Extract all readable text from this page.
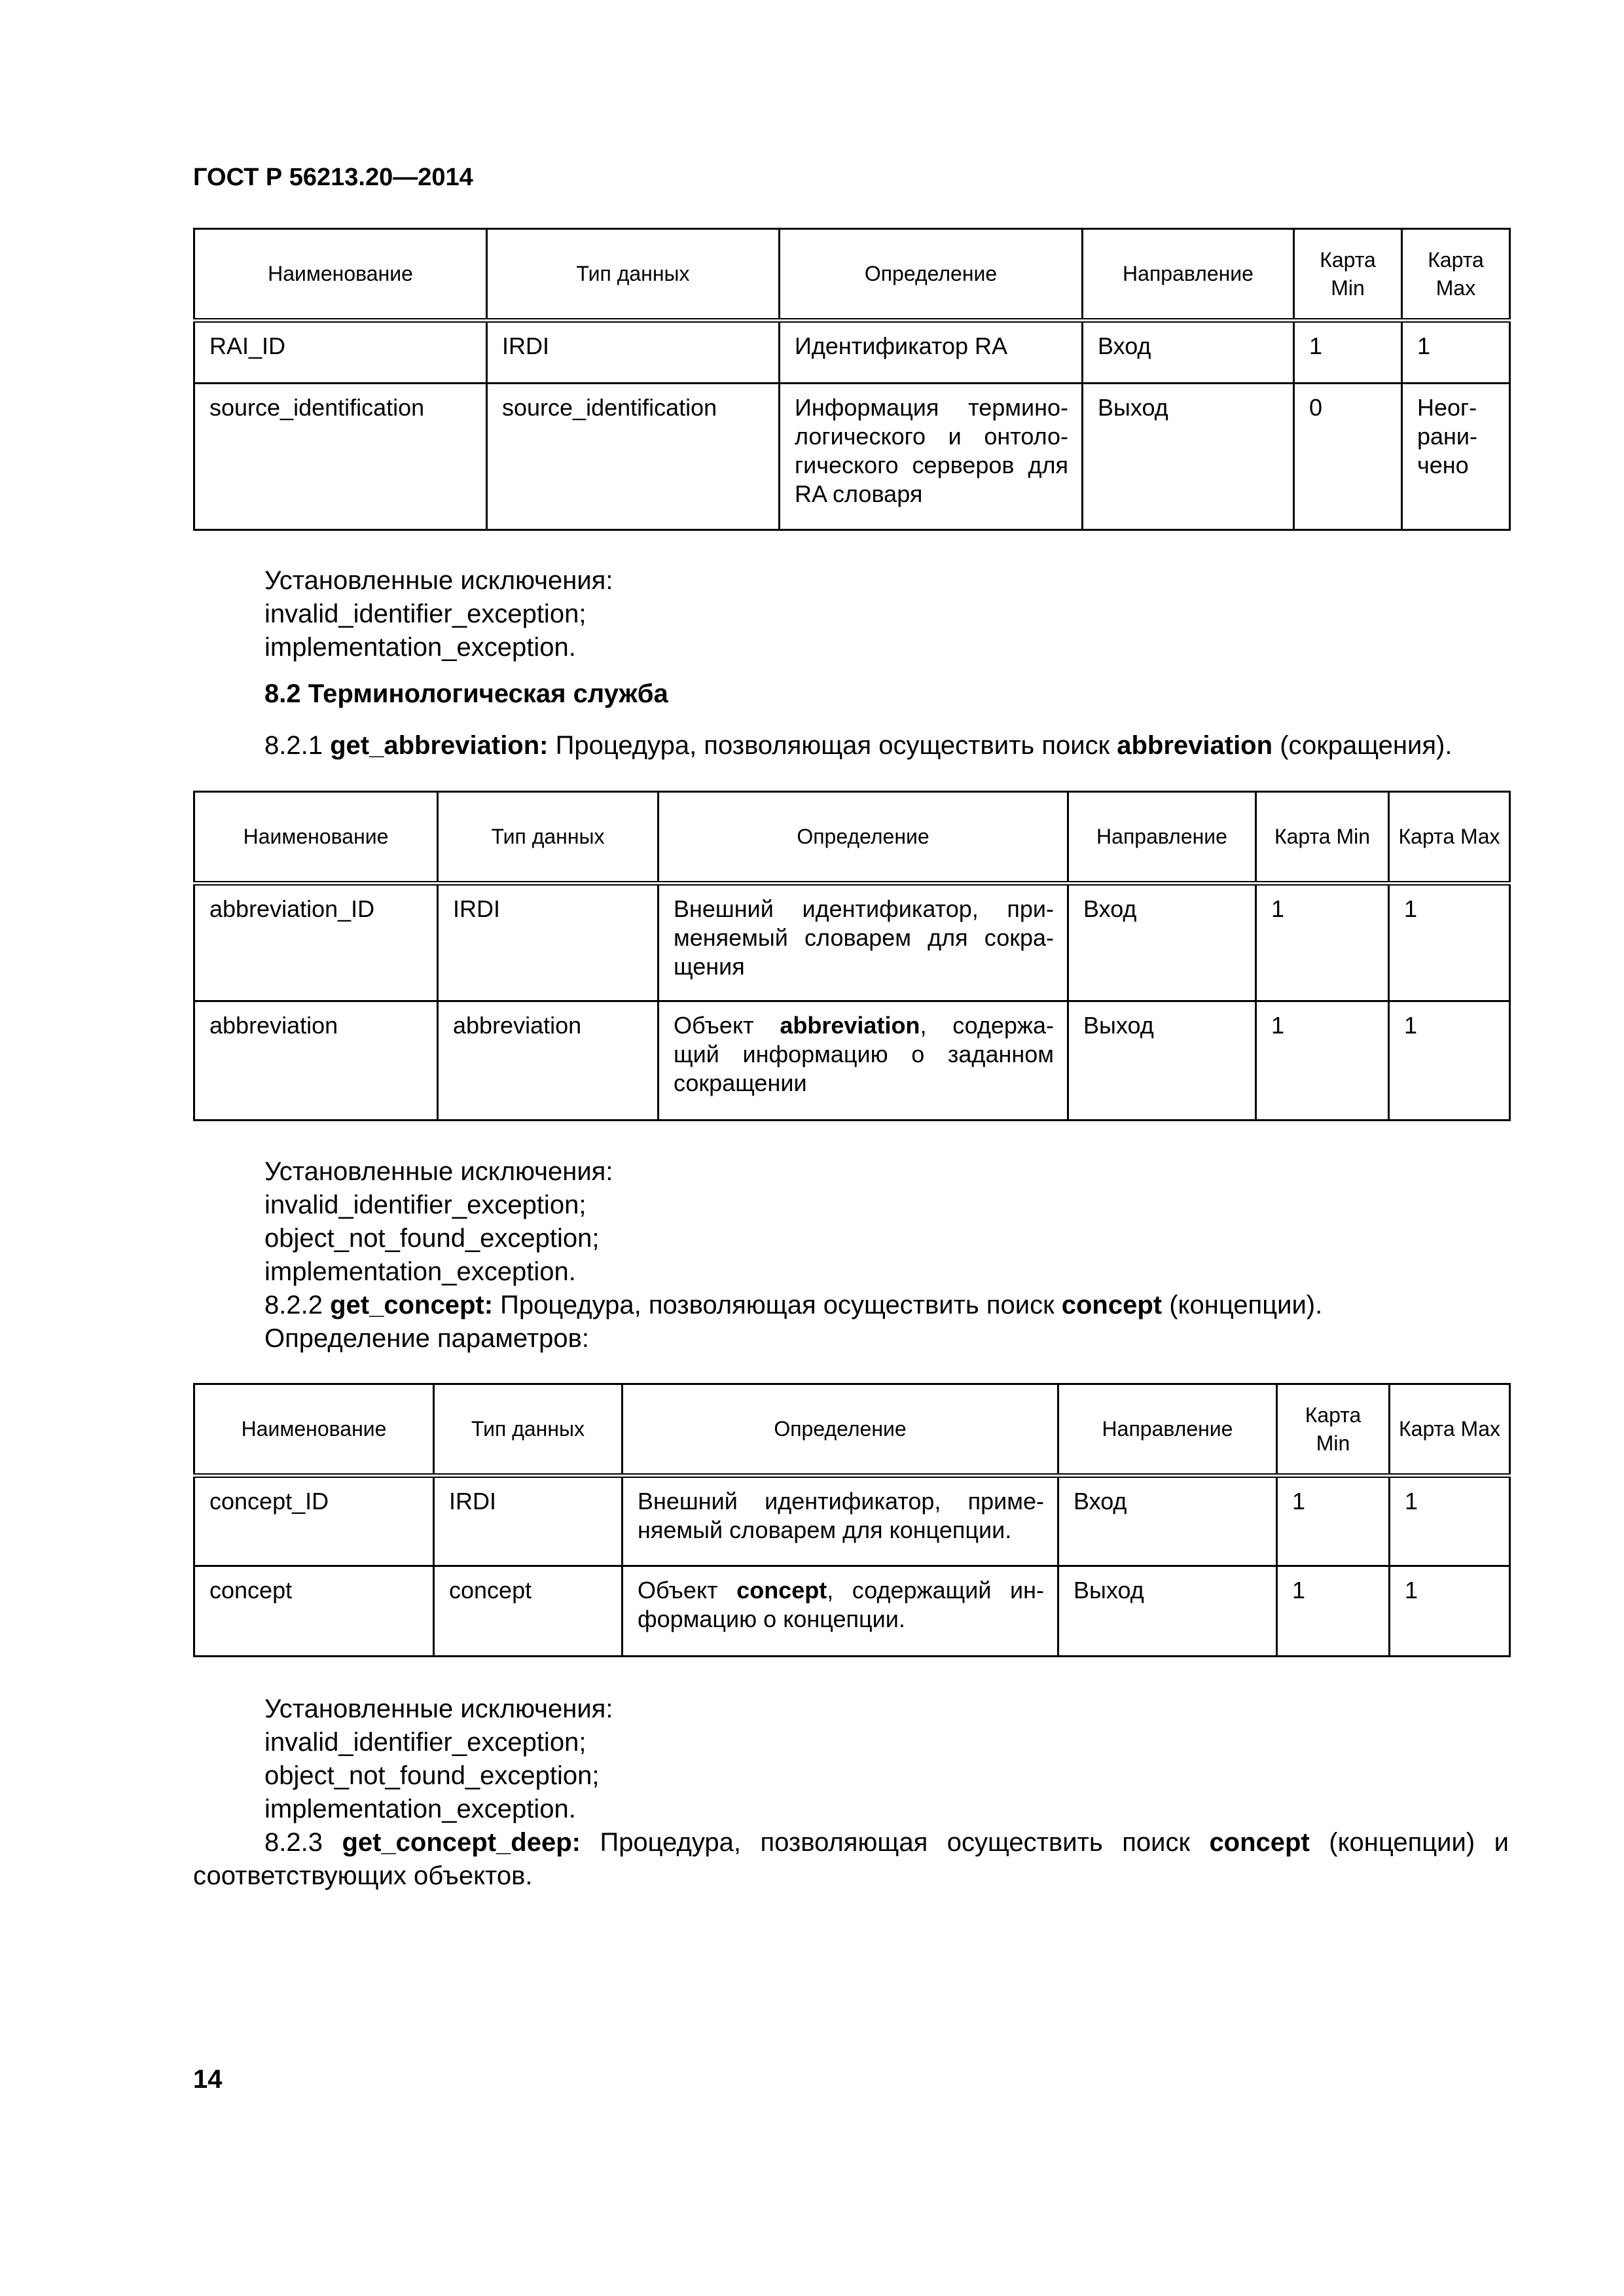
ГОСТ Р 56213.20—2014

Наименование	Тип данных	Определение	Направление	Карта Min	Карта Max
RAI_ID	IRDI	Идентификатор RA	Вход	1	1
source_identification	source_identification	Информация термино-логического и онтоло-гического серверов для RA словаря	Выход	0	Неог-рани-чено

Установленные исключения:

invalid_identifier_exception;

implementation_exception.

8.2 Терминологическая служба

8.2.1 get_abbreviation: Процедура, позволяющая осуществить поиск abbreviation (сокращения).

Наименование	Тип данных	Определение	Направление	Карта Min	Карта Max
abbreviation_ID	IRDI	Внешний идентификатор, при-меняемый словарем для сокра-щения	Вход	1	1
abbreviation	abbreviation	Объект abbreviation, содержа-щий информацию о заданном сокращении	Выход	1	1

Установленные исключения:

invalid_identifier_exception;

object_not_found_exception;

implementation_exception.

8.2.2 get_concept: Процедура, позволяющая осуществить поиск concept (концепции).

Определение параметров:

Наименование	Тип данных	Определение	Направление	Карта Min	Карта Max
concept_ID	IRDI	Внешний идентификатор, приме-няемый словарем для концепции.	Вход	1	1
concept	concept	Объект concept, содержащий ин-формацию о концепции.	Выход	1	1

Установленные исключения:

invalid_identifier_exception;

object_not_found_exception;

implementation_exception.

8.2.3 get_concept_deep: Процедура, позволяющая осуществить поиск concept (концепции) и соответствующих объектов.

14
